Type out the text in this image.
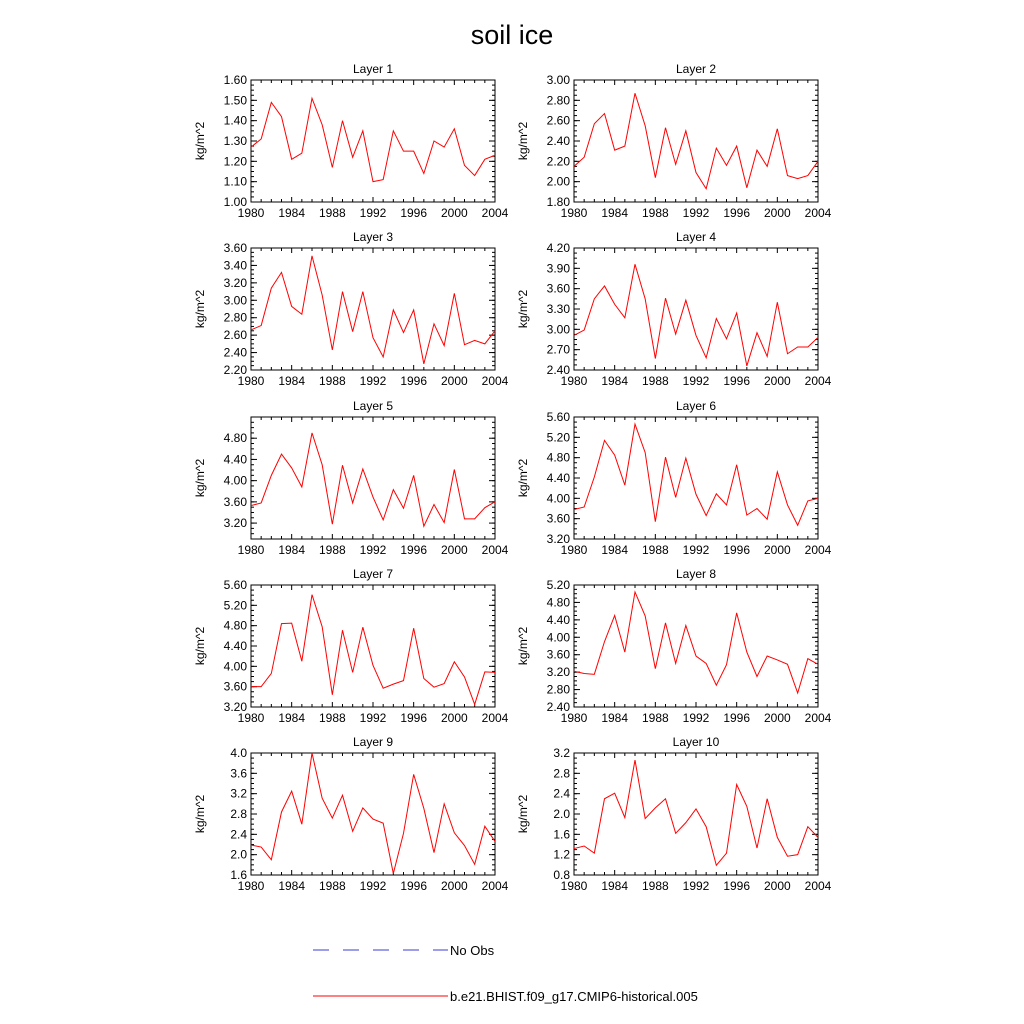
soil ice
Layer 1
kg/m^2
1980 1984 1988 1992 1996 2000 2004
1.00
1.10
1.20
1.30
1.40
1.50
1.60
Layer 2
kg/m^2
1980 1984 1988 1992 1996 2000 2004
1.80
2.00
2.20
2.40
2.60
2.80
3.00
Layer 3
kg/m^2
1980 1984 1988 1992 1996 2000 2004
2.20
2.40
2.60
2.80
3.00
3.20
3.40
3.60
Layer 4
kg/m^2
1980 1984 1988 1992 1996 2000 2004
2.40
2.70
3.00
3.30
3.60
3.90
4.20
Layer 5
kg/m^2
1980 1984 1988 1992 1996 2000 2004
3.20
3.60
4.00
4.40
4.80
Layer 6
kg/m^2
1980 1984 1988 1992 1996 2000 2004
3.20
3.60
4.00
4.40
4.80
5.20
5.60
Layer 7
kg/m^2
1980 1984 1988 1992 1996 2000 2004
3.20
3.60
4.00
4.40
4.80
5.20
5.60
Layer 8
kg/m^2
1980 1984 1988 1992 1996 2000 2004
2.40
2.80
3.20
3.60
4.00
4.40
4.80
5.20
Layer 9
kg/m^2
1980 1984 1988 1992 1996 2000 2004
1.6
2.0
2.4
2.8
3.2
3.6
4.0
Layer 10
kg/m^2
1980 1984 1988 1992 1996 2000 2004
0.8
1.2
1.6
2.0
2.4
2.8
3.2
No Obs
b.e21.BHIST.f09_g17.CMIP6-historical.005
